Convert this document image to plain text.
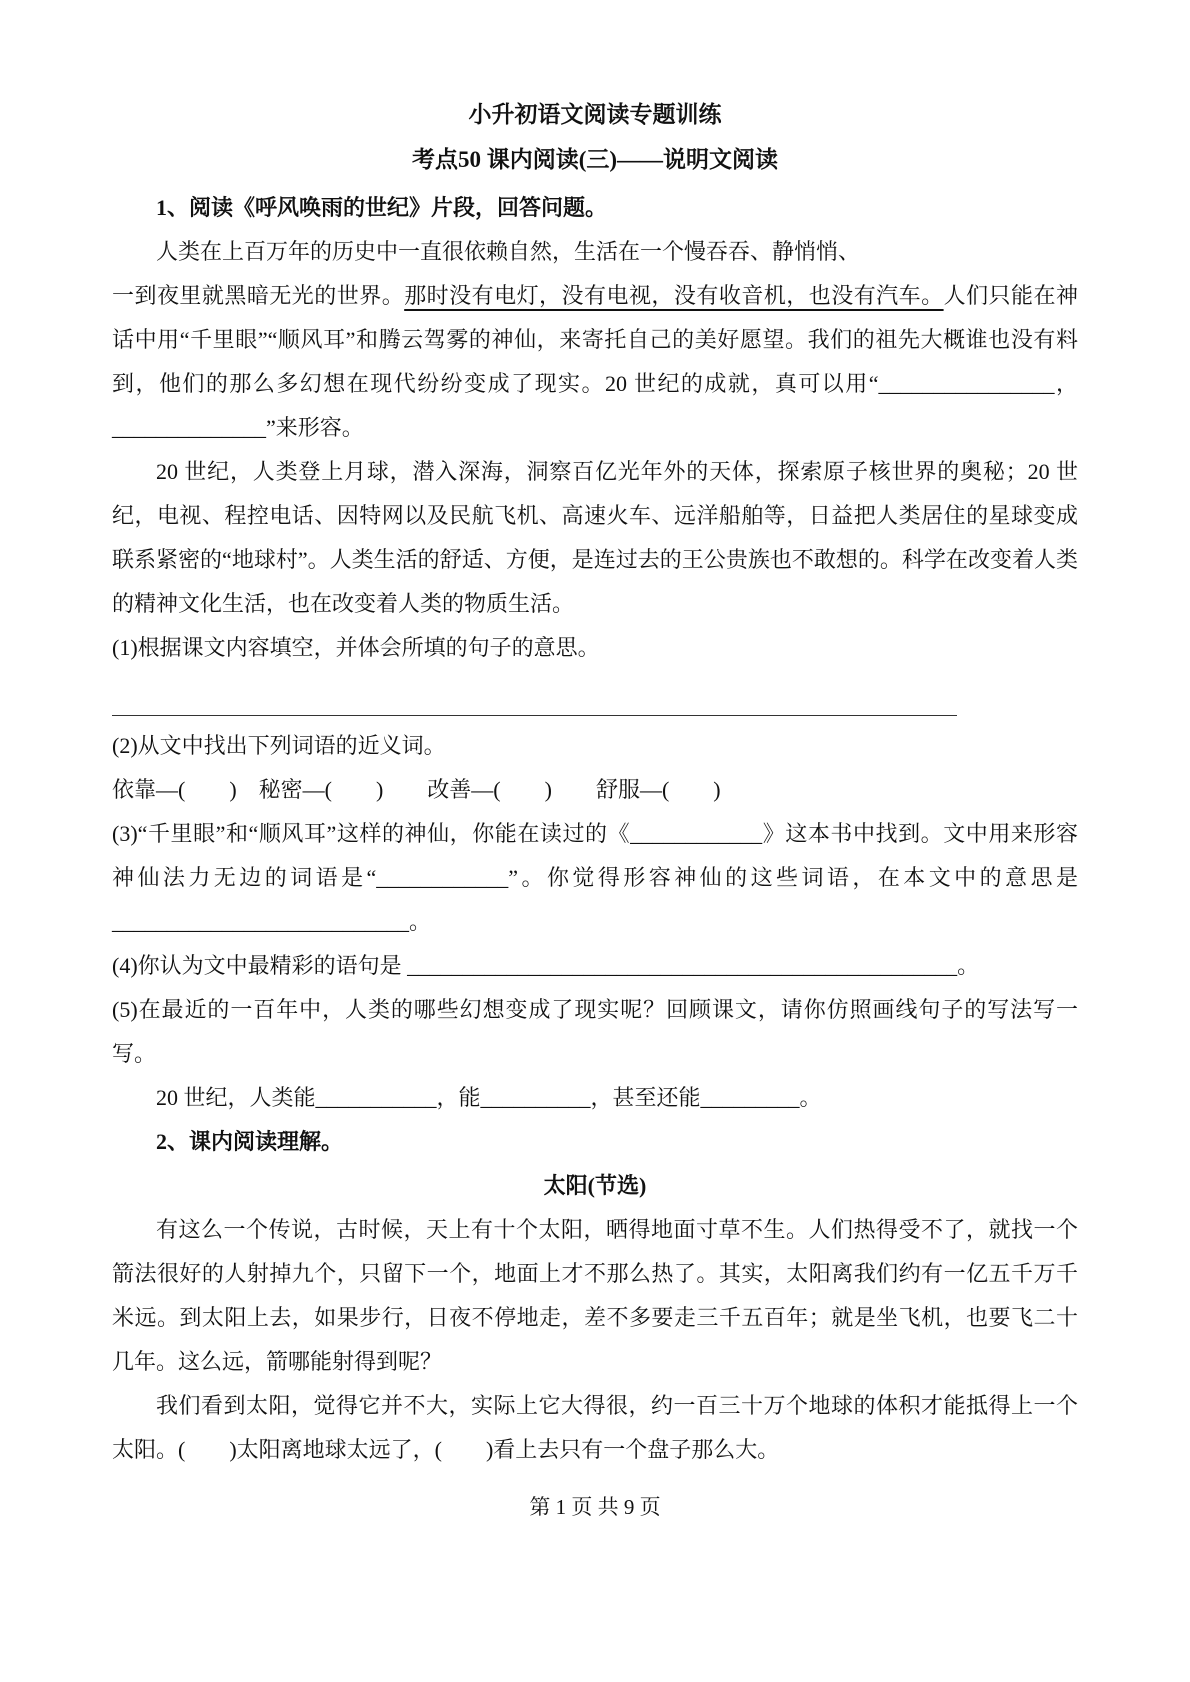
小升初语文阅读专题训练
考点50 课内阅读(三)——说明文阅读

1、阅读《呼风唤雨的世纪》片段，回答问题。

人类在上百万年的历史中一直很依赖自然，生活在一个慢吞吞、静悄悄、

一到夜里就黑暗无光的世界。那时没有电灯，没有电视，没有收音机，也没有汽车。人们只能在神话中用“千里眼”“顺风耳”和腾云驾雾的神仙，来寄托自己的美好愿望。我们的祖先大概谁也没有料到，他们的那么多幻想在现代纷纷变成了现实。20 世纪的成就，真可以用“________________，______________”来形容。

20 世纪，人类登上月球，潜入深海，洞察百亿光年外的天体，探索原子核世界的奥秘；20 世纪，电视、程控电话、因特网以及民航飞机、高速火车、远洋船舶等，日益把人类居住的星球变成联系紧密的“地球村”。人类生活的舒适、方便，是连过去的王公贵族也不敢想的。科学在改变着人类的精神文化生活，也在改变着人类的物质生活。

(1)根据课文内容填空，并体会所填的句子的意思。

(2)从文中找出下列词语的近义词。

依靠—(　　)　秘密—(　　)　　改善—(　　)　　舒服—(　　)

(3)“千里眼”和“顺风耳”这样的神仙，你能在读过的《____________》这本书中找到。文中用来形容神仙法力无边的词语是“____________”。你觉得形容神仙的这些词语，在本文中的意思是___________________________。

(4)你认为文中最精彩的语句是 __________________________________________________。

(5)在最近的一百年中，人类的哪些幻想变成了现实呢？回顾课文，请你仿照画线句子的写法写一写。

20 世纪，人类能___________，能__________，甚至还能_________。

2、课内阅读理解。

太阳(节选)

有这么一个传说，古时候，天上有十个太阳，晒得地面寸草不生。人们热得受不了，就找一个箭法很好的人射掉九个，只留下一个，地面上才不那么热了。其实，太阳离我们约有一亿五千万千米远。到太阳上去，如果步行，日夜不停地走，差不多要走三千五百年；就是坐飞机，也要飞二十几年。这么远，箭哪能射得到呢？

我们看到太阳，觉得它并不大，实际上它大得很，约一百三十万个地球的体积才能抵得上一个太阳。(　　)太阳离地球太远了，(　　)看上去只有一个盘子那么大。

第 1 页 共 9 页
